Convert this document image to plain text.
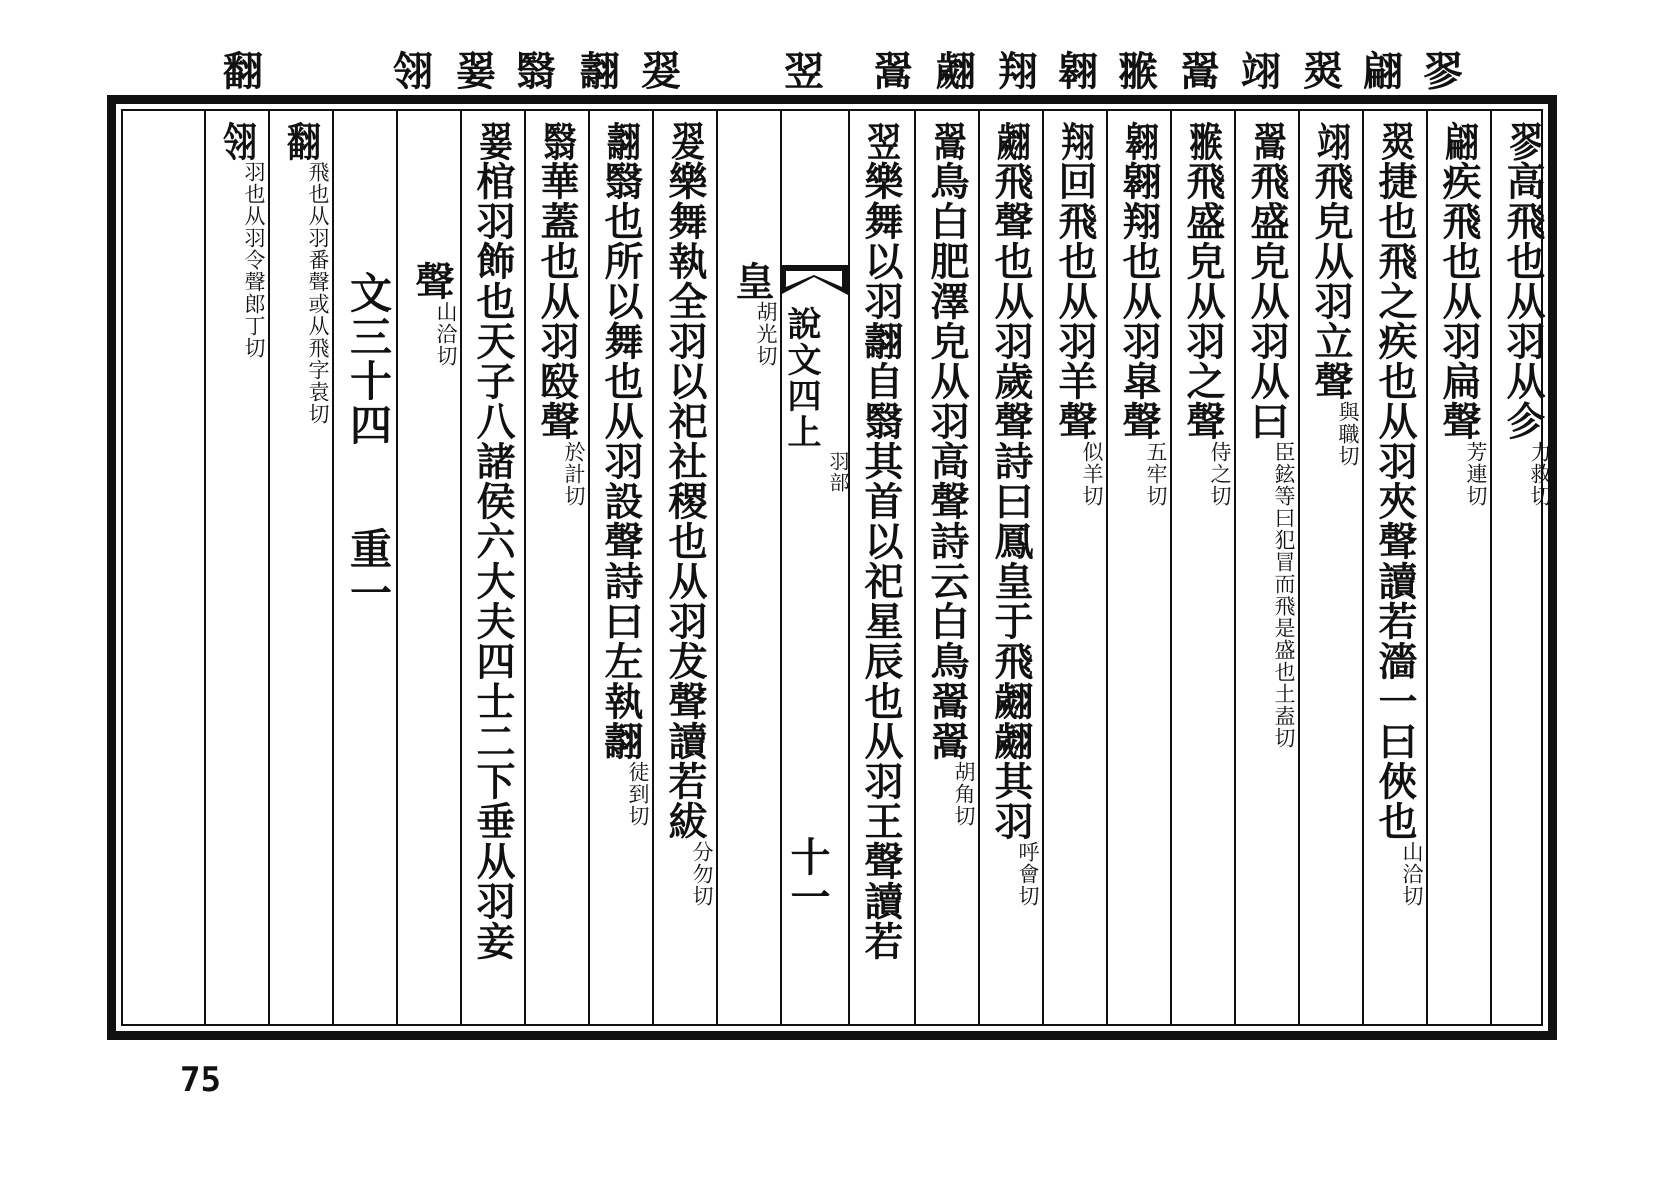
翏
翩
翜
翊
翯
翭
翱
翔
翽
翯
翌
翇
翿
翳
翣
翎
翻
說文四上
羽部
十一
翏高飛也从羽从㐱力救切
翩疾飛也从羽扁聲芳連切
翜捷也飛之疾也从羽夾聲讀若濇一曰俠也山洽切
翊飛皃从羽立聲與職切
翯飛盛皃从羽从曰臣鉉等曰犯冒而飛是盛也土盍切
翭飛盛皃从羽之聲侍之切
翱翱翔也从羽皐聲五牢切
翔回飛也从羽羊聲似羊切
翽飛聲也从羽歲聲詩曰鳳皇于飛翽翽其羽呼會切
翯鳥白肥澤皃从羽高聲詩云白鳥翯翯胡角切
翌樂舞以羽翿自翳其首以祀星辰也从羽王聲讀若
皇胡光切
翇樂舞執全羽以祀社稷也从羽犮聲讀若紱分勿切
翿翳也所以舞也从羽設聲詩曰左執翿徒到切
翳華蓋也从羽殹聲於計切
翣棺羽飾也天子八諸侯六大夫四士二下垂从羽妾
聲山洽切
文三十四重一
翻飛也从羽番聲或从飛字袁切
翎羽也从羽令聲郎丁切
75
